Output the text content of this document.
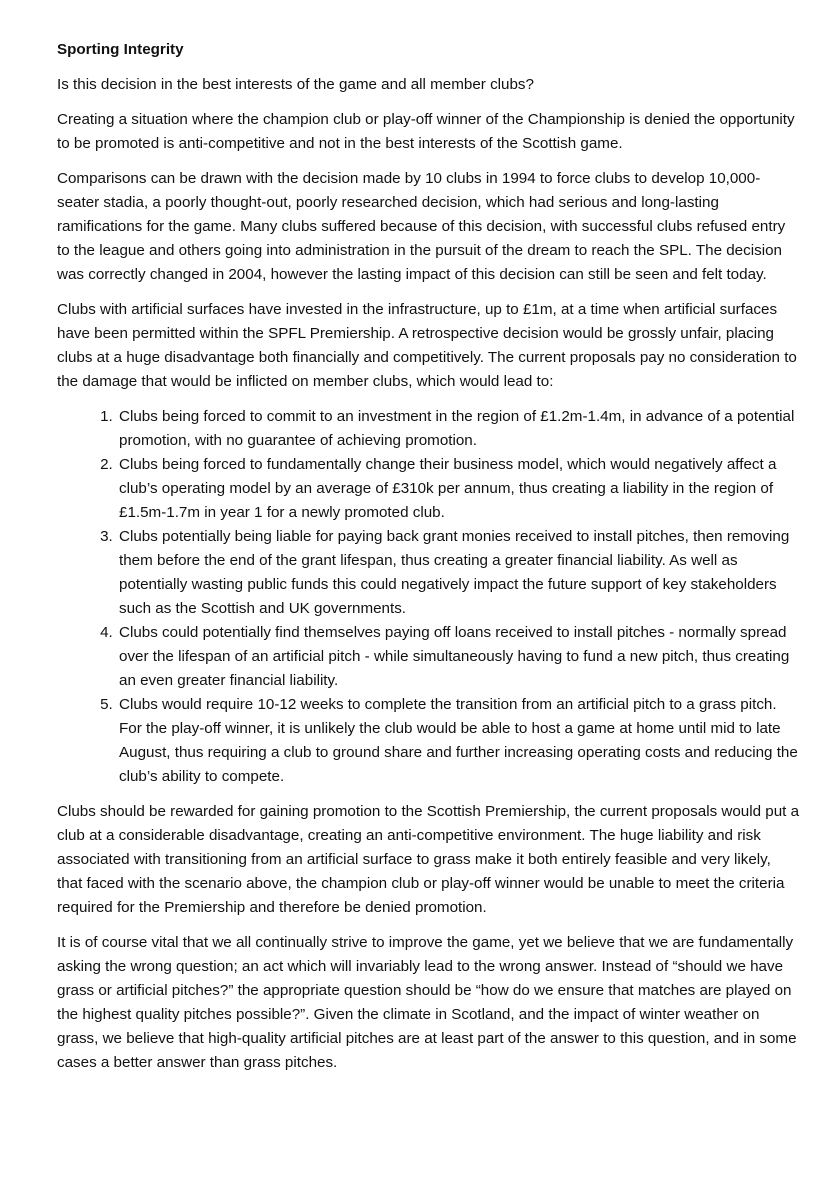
Sporting Integrity

Is this decision in the best interests of the game and all member clubs?

Creating a situation where the champion club or play-off winner of the Championship is denied the opportunity to be promoted is anti-competitive and not in the best interests of the Scottish game.

Comparisons can be drawn with the decision made by 10 clubs in 1994 to force clubs to develop 10,000-seater stadia, a poorly thought-out, poorly researched decision, which had serious and long-lasting ramifications for the game. Many clubs suffered because of this decision, with successful clubs refused entry to the league and others going into administration in the pursuit of the dream to reach the SPL. The decision was correctly changed in 2004, however the lasting impact of this decision can still be seen and felt today.

Clubs with artificial surfaces have invested in the infrastructure, up to £1m, at a time when artificial surfaces have been permitted within the SPFL Premiership. A retrospective decision would be grossly unfair, placing clubs at a huge disadvantage both financially and competitively. The current proposals pay no consideration to the damage that would be inflicted on member clubs, which would lead to:

1. Clubs being forced to commit to an investment in the region of £1.2m-1.4m, in advance of a potential promotion, with no guarantee of achieving promotion.
2. Clubs being forced to fundamentally change their business model, which would negatively affect a club’s operating model by an average of £310k per annum, thus creating a liability in the region of £1.5m-1.7m in year 1 for a newly promoted club.
3. Clubs potentially being liable for paying back grant monies received to install pitches, then removing them before the end of the grant lifespan, thus creating a greater financial liability. As well as potentially wasting public funds this could negatively impact the future support of key stakeholders such as the Scottish and UK governments.
4. Clubs could potentially find themselves paying off loans received to install pitches - normally spread over the lifespan of an artificial pitch - while simultaneously having to fund a new pitch, thus creating an even greater financial liability.
5. Clubs would require 10-12 weeks to complete the transition from an artificial pitch to a grass pitch. For the play-off winner, it is unlikely the club would be able to host a game at home until mid to late August, thus requiring a club to ground share and further increasing operating costs and reducing the club’s ability to compete.

Clubs should be rewarded for gaining promotion to the Scottish Premiership, the current proposals would put a club at a considerable disadvantage, creating an anti-competitive environment. The huge liability and risk associated with transitioning from an artificial surface to grass make it both entirely feasible and very likely, that faced with the scenario above, the champion club or play-off winner would be unable to meet the criteria required for the Premiership and therefore be denied promotion.

It is of course vital that we all continually strive to improve the game, yet we believe that we are fundamentally asking the wrong question; an act which will invariably lead to the wrong answer. Instead of “should we have grass or artificial pitches?” the appropriate question should be “how do we ensure that matches are played on the highest quality pitches possible?”. Given the climate in Scotland, and the impact of winter weather on grass, we believe that high-quality artificial pitches are at least part of the answer to this question, and in some cases a better answer than grass pitches.
